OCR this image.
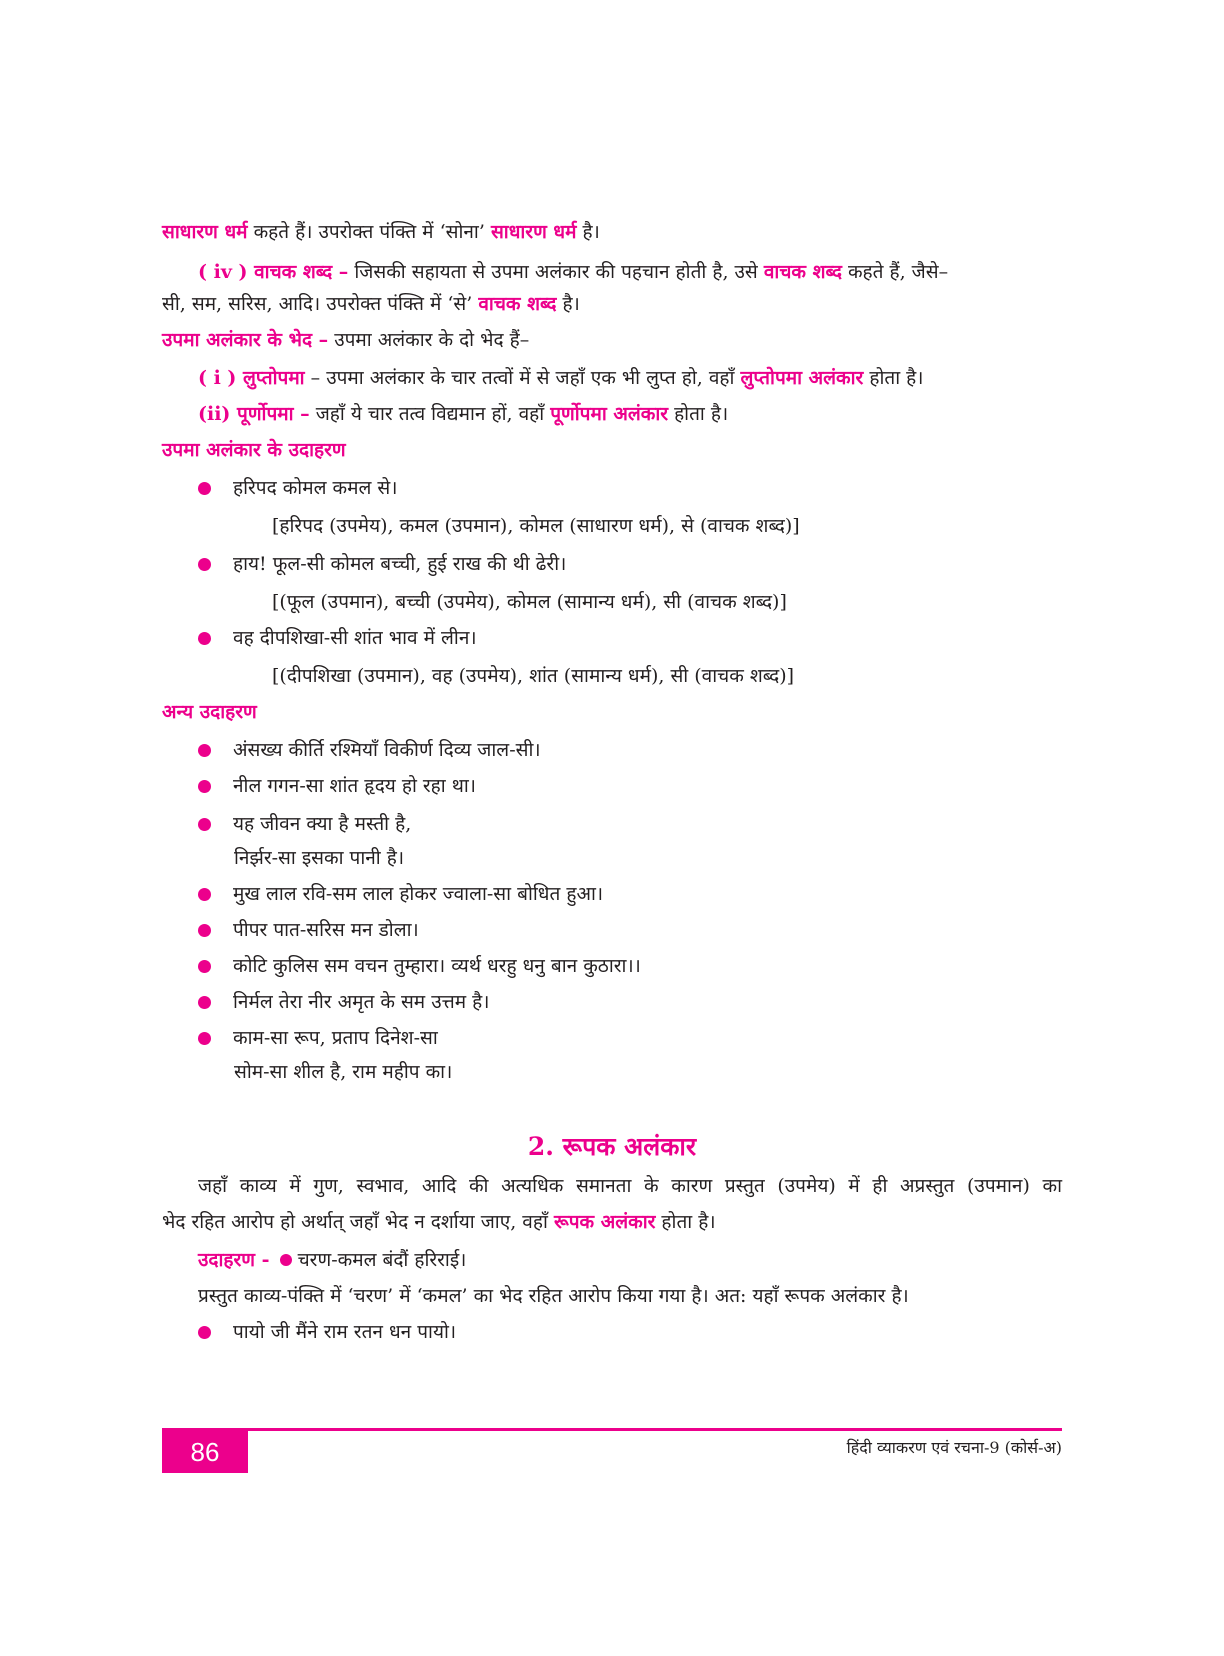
साधारण धर्म कहते हैं। उपरोक्त पंक्ति में ‘सोना’ साधारण धर्म है।
( iv ) वाचक शब्द – जिसकी सहायता से उपमा अलंकार की पहचान होती है, उसे वाचक शब्द कहते हैं, जैसे–
सी, सम, सरिस, आदि। उपरोक्त पंक्ति में ‘से’ वाचक शब्द है।
उपमा अलंकार के भेद – उपमा अलंकार के दो भेद हैं–
( i ) लुप्तोपमा – उपमा अलंकार के चार तत्वों में से जहाँ एक भी लुप्त हो, वहाँ लुप्तोपमा अलंकार होता है।
(ii) पूर्णोपमा – जहाँ ये चार तत्व विद्यमान हों, वहाँ पूर्णोपमा अलंकार होता है।
उपमा अलंकार के उदाहरण
हरिपद कोमल कमल से।
[हरिपद (उपमेय), कमल (उपमान), कोमल (साधारण धर्म), से (वाचक शब्द)]
हाय! फूल-सी कोमल बच्ची, हुई राख की थी ढेरी।
[(फूल (उपमान), बच्ची (उपमेय), कोमल (सामान्य धर्म), सी (वाचक शब्द)]
वह दीपशिखा-सी शांत भाव में लीन।
[(दीपशिखा (उपमान), वह (उपमेय), शांत (सामान्य धर्म), सी (वाचक शब्द)]
अन्य उदाहरण
अंसख्य कीर्ति रश्मियाँ विकीर्ण दिव्य जाल-सी।
नील गगन-सा शांत हृदय हो रहा था।
यह जीवन क्या है मस्ती है,
निर्झर-सा इसका पानी है।
मुख लाल रवि-सम लाल होकर ज्वाला-सा बोधित हुआ।
पीपर पात-सरिस मन डोला।
कोटि कुलिस सम वचन तुम्हारा। व्यर्थ धरहु धनु बान कुठारा।।
निर्मल तेरा नीर अमृत के सम उत्तम है।
काम-सा रूप, प्रताप दिनेश-सा
सोम-सा शील है, राम महीप का।
2. रूपक अलंकार
जहाँ काव्य में गुण, स्वभाव, आदि की अत्यधिक समानता के कारण प्रस्तुत (उपमेय) में ही अप्रस्तुत (उपमान) का
भेद रहित आरोप हो अर्थात् जहाँ भेद न दर्शाया जाए, वहाँ रूपक अलंकार होता है।
उदाहरण -  चरण-कमल बंदौं हरिराई।
प्रस्तुत काव्य-पंक्ति में ‘चरण’ में ‘कमल’ का भेद रहित आरोप किया गया है। अत: यहाँ रूपक अलंकार है।
पायो जी मैंने राम रतन धन पायो।
86	हिंदी व्याकरण एवं रचना-9 (कोर्स-अ)
